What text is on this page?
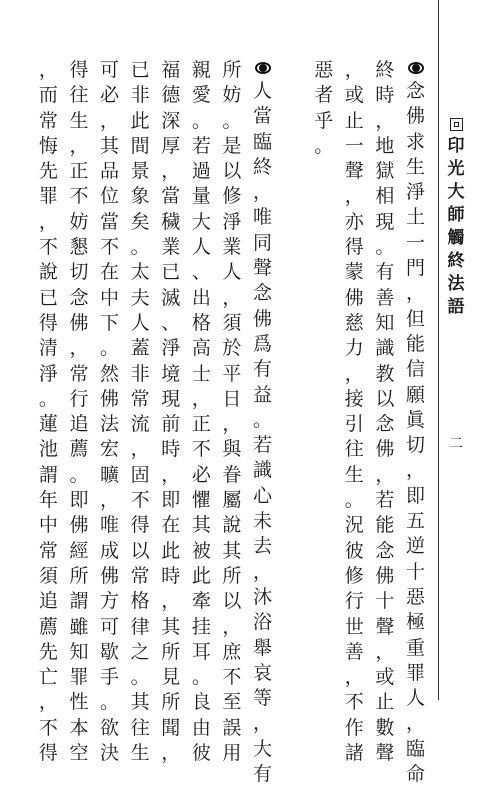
印
光
大
師
觸
終
法
語
二
念
佛
求
生
淨
土
一
門
，
但
能
信
願
眞
切
，
即
五
逆
十
惡
極
重
罪
人
，
臨
命
終
時
，
地
獄
相
現
。
有
善
知
識
教
以
念
佛
，
若
能
念
佛
十
聲
，
或
止
數
聲
，
或
止
一
聲
，
亦
得
蒙
佛
慈
力
，
接
引
往
生
。
況
彼
修
行
世
善
，
不
作
諸
惡
者
乎
。
人
當
臨
終
，
唯
同
聲
念
佛
爲
有
益
。
若
識
心
未
去
，
沐
浴
舉
哀
等
，
大
有
所
妨
。
是
以
修
淨
業
人
，
須
於
平
日
，
與
眷
屬
說
其
所
以
，
庶
不
至
誤
用
親
愛
。
若
過
量
大
人
、
出
格
高
士
，
正
不
必
懼
其
被
此
牽
挂
耳
。
良
由
彼
福
德
深
厚
，
當
穢
業
已
滅
、
淨
境
現
前
時
，
即
在
此
時
，
其
所
見
所
聞
，
已
非
此
間
景
象
矣
。
太
夫
人
蓋
非
常
流
，
固
不
得
以
常
格
律
之
。
其
往
生
可
必
，
其
品
位
當
不
在
中
下
。
然
佛
法
宏
曠
，
唯
成
佛
方
可
歇
手
。
欲
決
得
往
生
，
正
不
妨
懇
切
念
佛
，
常
行
追
薦
。
即
佛
經
所
謂
雖
知
罪
性
本
空
，
而
常
悔
先
罪
，
不
說
已
得
清
淨
。
蓮
池
謂
年
中
常
須
追
薦
先
亡
，
不
得
